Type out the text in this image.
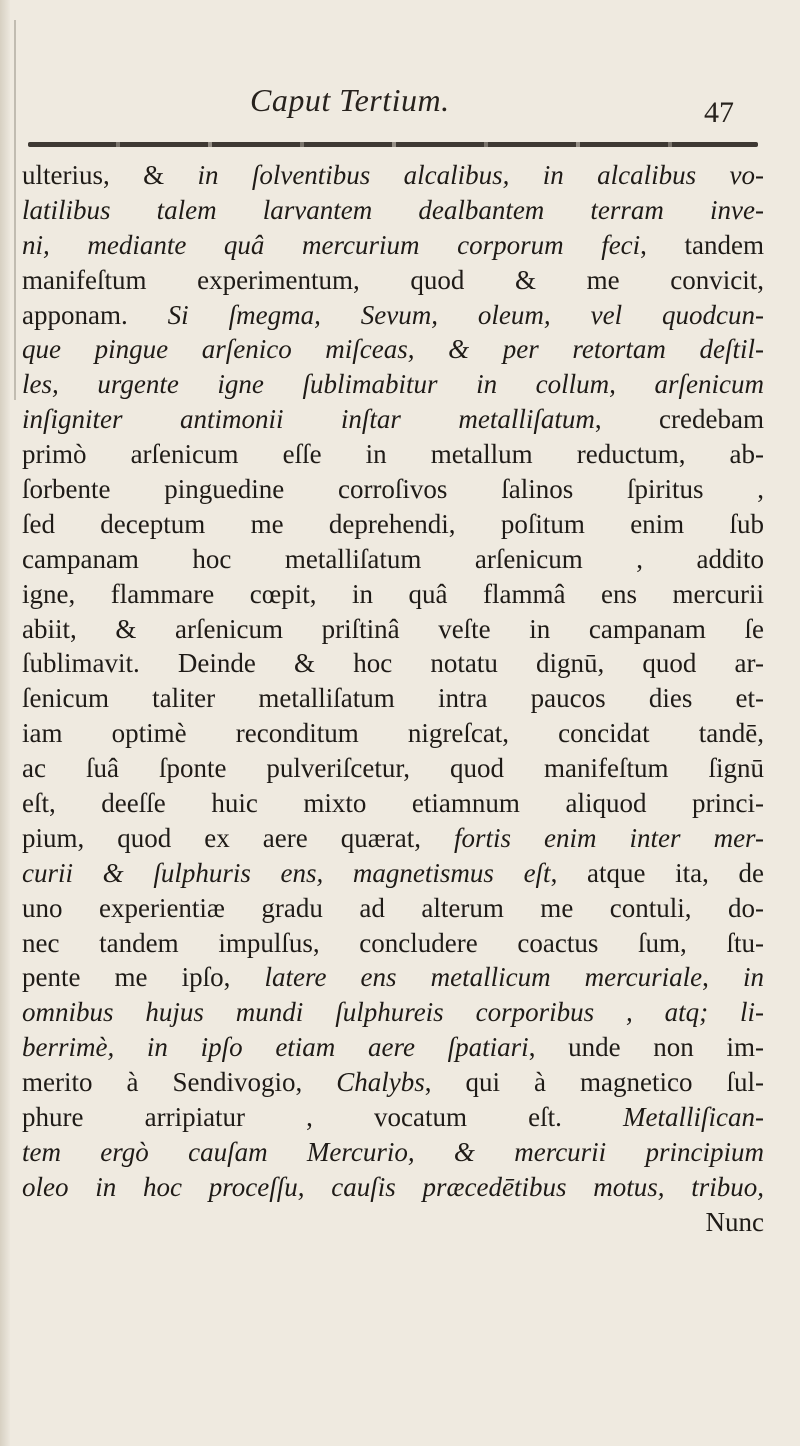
Caput Tertium.	47
ulterius, & in ſolventibus alcalibus, in alcalibus vo-
latilibus talem larvantem dealbantem terram inve-
ni, mediante quâ mercurium corporum feci, tandem
manifeſtum experimentum, quod & me convicit,
apponam. Si ſmegma, Sevum, oleum, vel quodcun-
que pingue arſenico miſceas, & per retortam deſtil-
les, urgente igne ſublimabitur in collum, arſenicum
inſigniter antimonii inſtar metalliſatum, credebam
primò arſenicum eſſe in metallum reductum, ab-
ſorbente pinguedine corroſivos ſalinos ſpiritus ,
ſed deceptum me deprehendi, poſitum enim ſub
campanam hoc metalliſatum arſenicum , addito
igne, flammare cœpit, in quâ flammâ ens mercurii
abiit, & arſenicum priſtinâ veſte in campanam ſe
ſublimavit. Deinde & hoc notatu dignū, quod ar-
ſenicum taliter metalliſatum intra paucos dies et-
iam optimè reconditum nigreſcat, concidat tandē,
ac ſuâ ſponte pulveriſcetur, quod manifeſtum ſignū
eſt, deeſſe huic mixto etiamnum aliquod princi-
pium, quod ex aere quærat, fortis enim inter mer-
curii & ſulphuris ens, magnetismus eſt, atque ita, de
uno experientiæ gradu ad alterum me contuli, do-
nec tandem impulſus, concludere coactus ſum, ſtu-
pente me ipſo, latere ens metallicum mercuriale, in
omnibus hujus mundi ſulphureis corporibus , atq; li-
berrimè, in ipſo etiam aere ſpatiari, unde non im-
merito à Sendivogio, Chalybs, qui à magnetico ſul-
phure arripiatur , vocatum eſt. Metalliſican-
tem ergò cauſam Mercurio, & mercurii principium
oleo in hoc proceſſu, cauſis præcedētibus motus, tribuo,
Nunc
